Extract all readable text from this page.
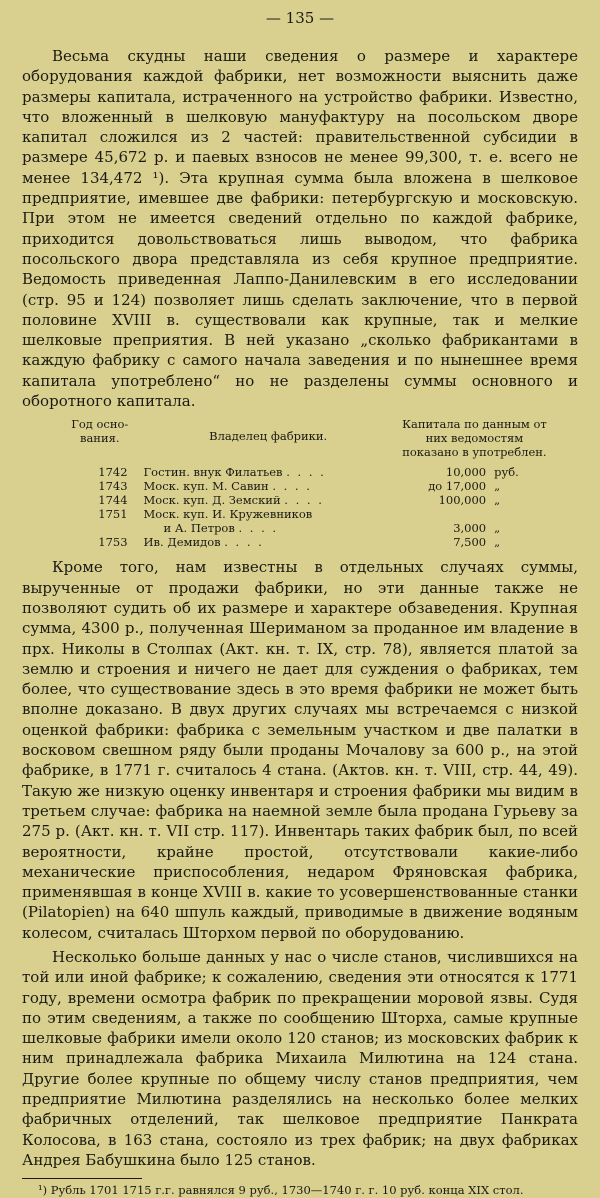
— 135 —

Весьма скудны наши сведения о размере и характере оборудования каждой фабрики, нет возможности выяснить даже размеры капитала, истраченного на устройство фабрики. Известно, что вложенный в шелковую мануфактуру на посольском дворе капитал сложился из 2 частей: правительственной субсидии в размере 45,672 р. и паевых взносов не менее 99,300, т. е. всего не менее 134,472 ¹). Эта крупная сумма была вложена в шелковое предприятие, имевшее две фабрики: петербургскую и московскую. При этом не имеется сведений отдельно по каждой фабрике, приходится довольствоваться лишь выводом, что фабрика посольского двора представляла из себя крупное предприятие. Ведомость приведенная Лаппо-Данилевским в его исследовании (стр. 95 и 124) позволяет лишь сделать заключение, что в первой половине XVIII в. существовали как крупные, так и мелкие шелковые преприятия. В ней указано „сколько фабрикантами в каждую фабрику с самого начала заведения и по нынешнее время капитала употреблено“ но не разделены суммы основного и оборотного капитала.

Год осно-вания.	Владелец фабрики.	Капитала по данным от них ведомостям показано в употреблен.	
1742	Гостин. внук Филатьев . . . .	10,000	руб.
1743	Моск. куп. М. Савин . . . .	до 17,000	„
1744	Моск. куп. Д. Земский . . . .	100,000	„
1751	Моск. куп. И. Кружевников		
	и А. Петров . . . .	3,000	„
1753	Ив. Демидов . . . .	7,500	„

Кроме того, нам известны в отдельных случаях суммы, вырученные от продажи фабрики, но эти данные также не позволяют судить об их размере и характере обзаведения. Крупная сумма, 4300 р., полученная Шериманом за проданное им владение в прх. Николы в Столпах (Акт. кн. т. IX, стр. 78), является платой за землю и строения и ничего не дает для суждения о фабриках, тем более, что существование здесь в это время фабрики не может быть вполне доказано. В двух других случаях мы встречаемся с низкой оценкой фабрики: фабрика с земельным участком и две палатки в восковом свешном ряду были проданы Мочалову за 600 р., на этой фабрике, в 1771 г. считалось 4 стана. (Актов. кн. т. VIII, стр. 44, 49). Такую же низкую оценку инвентаря и строения фабрики мы видим в третьем случае: фабрика на наемной земле была продана Гурьеву за 275 р. (Акт. кн. т. VII стр. 117). Инвентарь таких фабрик был, по всей вероятности, крайне простой, отсутствовали какие-либо механические приспособления, недаром Фряновская фабрика, применявшая в конце XVIII в. какие то усовершенствованные станки (Pilatopien) на 640 шпуль каждый, приводимые в движение водяным колесом, считалась Шторхом первой по оборудованию.

Несколько больше данных у нас о числе станов, числившихся на той или иной фабрике; к сожалению, сведения эти относятся к 1771 году, времени осмотра фабрик по прекращении моровой язвы. Судя по этим сведениям, а также по сообщению Шторха, самые крупные шелковые фабрики имели около 120 станов; из московских фабрик к ним принадлежала фабрика Михаила Милютина на 124 стана. Другие более крупные по общему числу станов предприятия, чем предприятие Милютина разделялись на несколько более мелких фабричных отделений, так шелковое предприятие Панкрата Колосова, в 163 стана, состояло из трех фабрик; на двух фабриках Андрея Бабушкина было 125 станов.

¹) Рубль 1701 1715 г.г. равнялся 9 руб., 1730—1740 г. г. 10 руб. конца XIX стол.
